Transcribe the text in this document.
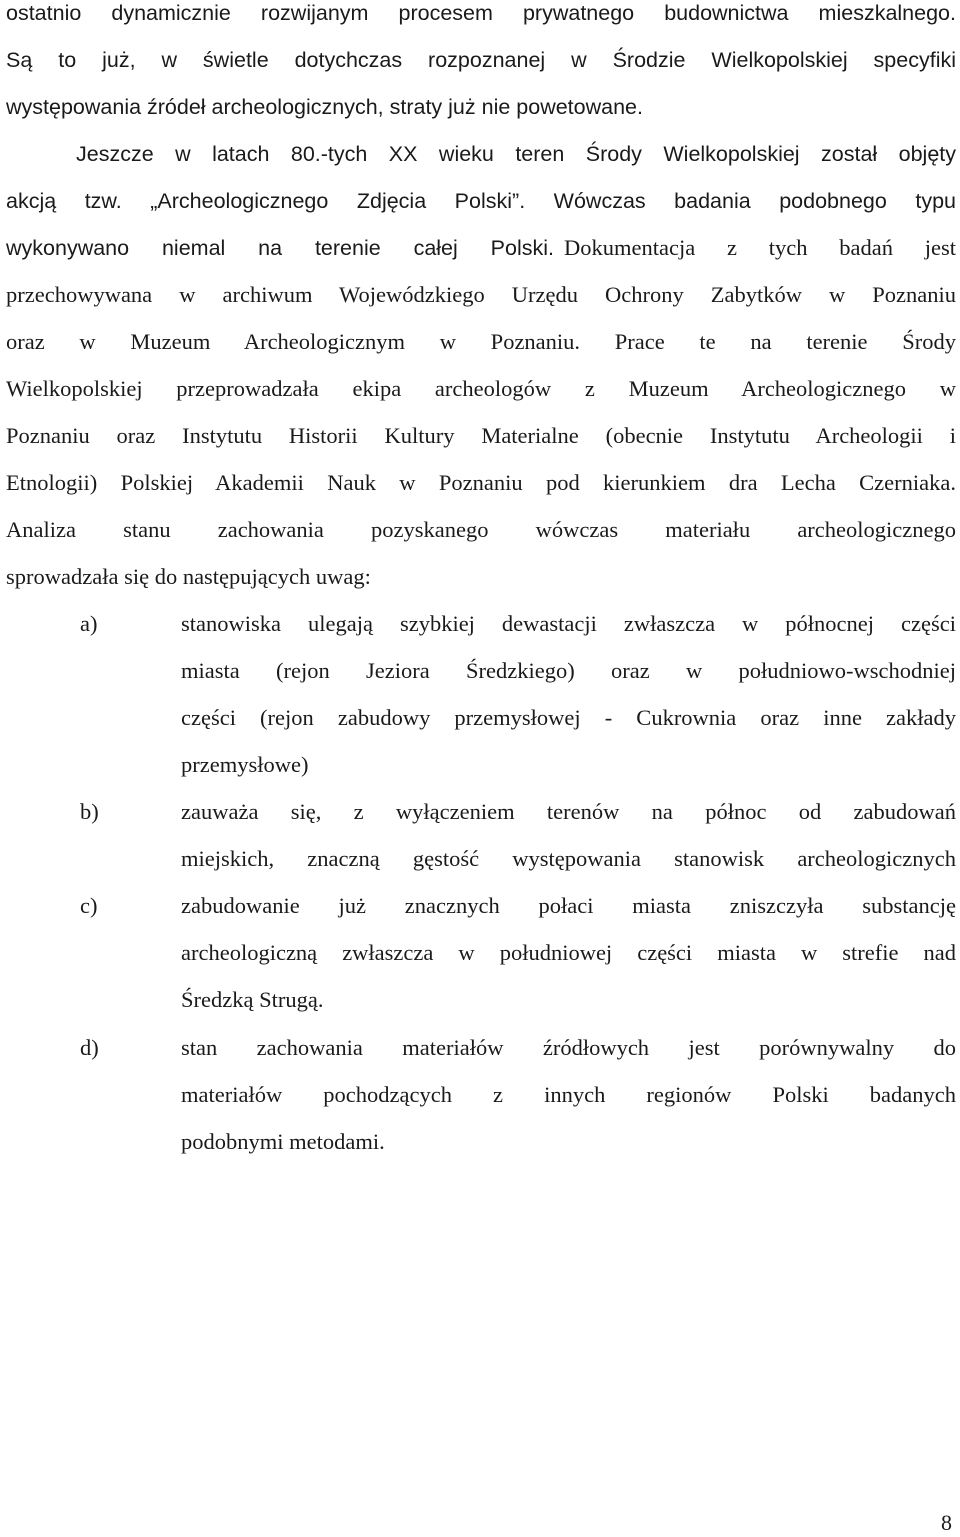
ostatnio dynamicznie rozwijanym procesem prywatnego budownictwa mieszkalnego.
Są to już, w świetle dotychczas rozpoznanej w Środzie Wielkopolskiej specyfiki
występowania źródeł archeologicznych, straty już nie powetowane.
Jeszcze w latach 80.-tych XX wieku teren Środy Wielkopolskiej został objęty
akcją tzw. „Archeologicznego Zdjęcia Polski”. Wówczas badania podobnego typu
wykonywano niemal na terenie całej Polski. Dokumentacja z tych badań jest
przechowywana w archiwum Wojewódzkiego Urzędu Ochrony Zabytków w Poznaniu
oraz w Muzeum Archeologicznym w Poznaniu. Prace te na terenie Środy
Wielkopolskiej przeprowadzała ekipa archeologów z Muzeum Archeologicznego w
Poznaniu oraz Instytutu Historii Kultury Materialne (obecnie Instytutu Archeologii i
Etnologii) Polskiej Akademii Nauk w Poznaniu pod kierunkiem dra Lecha Czerniaka.
Analiza stanu zachowania pozyskanego wówczas materiału archeologicznego
sprowadzała się do następujących uwag:
a)	stanowiska ulegają szybkiej dewastacji zwłaszcza w północnej części
miasta (rejon Jeziora Średzkiego) oraz w południowo-wschodniej
części (rejon zabudowy przemysłowej - Cukrownia oraz inne zakłady
przemysłowe)
b)	zauważa się, z wyłączeniem terenów na północ od zabudowań
miejskich, znaczną gęstość występowania stanowisk archeologicznych
c)	zabudowanie już znacznych połaci miasta zniszczyła substancję
archeologiczną zwłaszcza w południowej części miasta w strefie nad
Średzką Strugą.
d)	stan zachowania materiałów źródłowych jest porównywalny do
materiałów pochodzących z innych regionów Polski badanych
podobnymi metodami.
8
